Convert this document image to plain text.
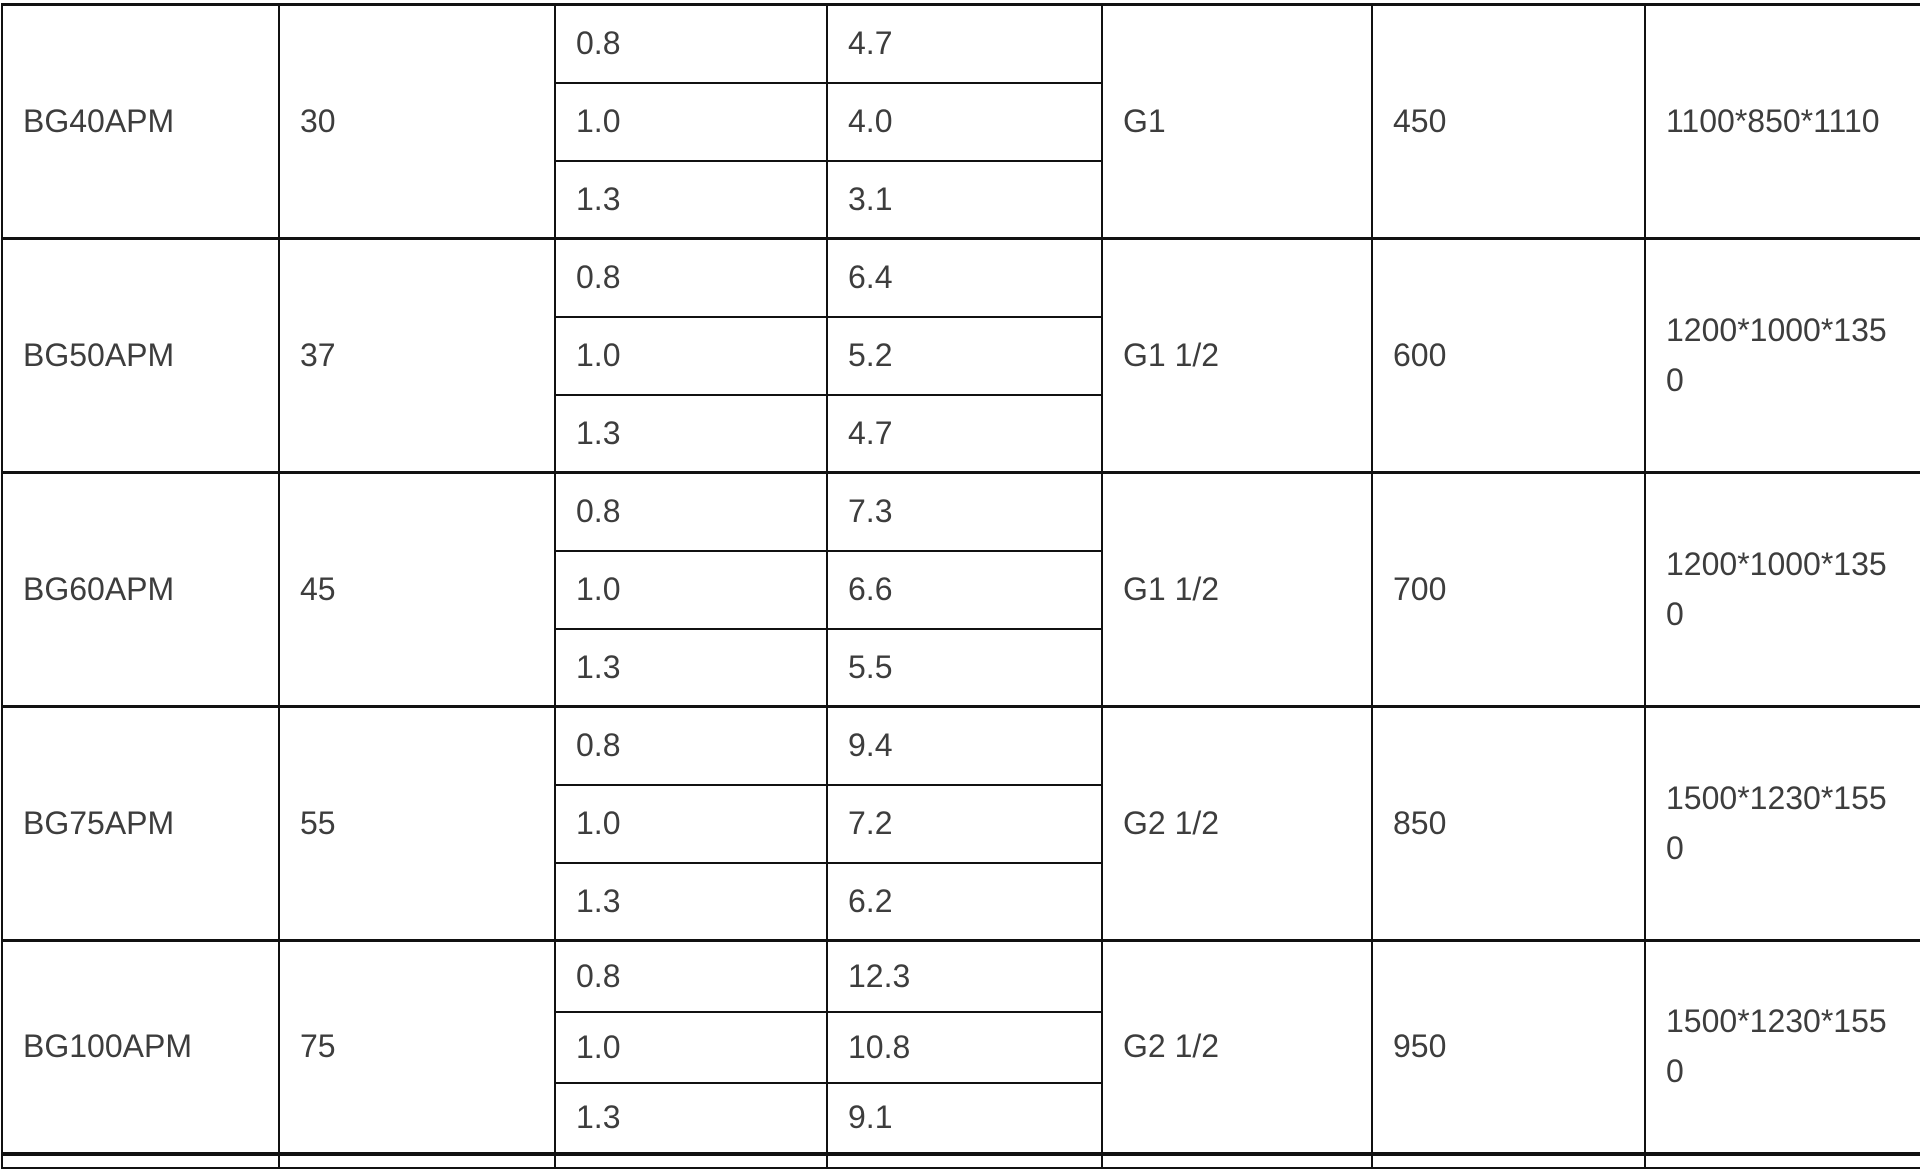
BG40APM	30	0.8	4.7	G1	450	1100*850*1110
		1.0	4.0			
		1.3	3.1			
BG50APM	37	0.8	6.4	G1 1/2	600	1200*1000*1350
		1.0	5.2			
		1.3	4.7			
BG60APM	45	0.8	7.3	G1 1/2	700	1200*1000*1350
		1.0	6.6			
		1.3	5.5			
BG75APM	55	0.8	9.4	G2 1/2	850	1500*1230*1550
		1.0	7.2			
		1.3	6.2			
BG100APM	75	0.8	12.3	G2 1/2	950	1500*1230*1550
		1.0	10.8			
		1.3	9.1			
